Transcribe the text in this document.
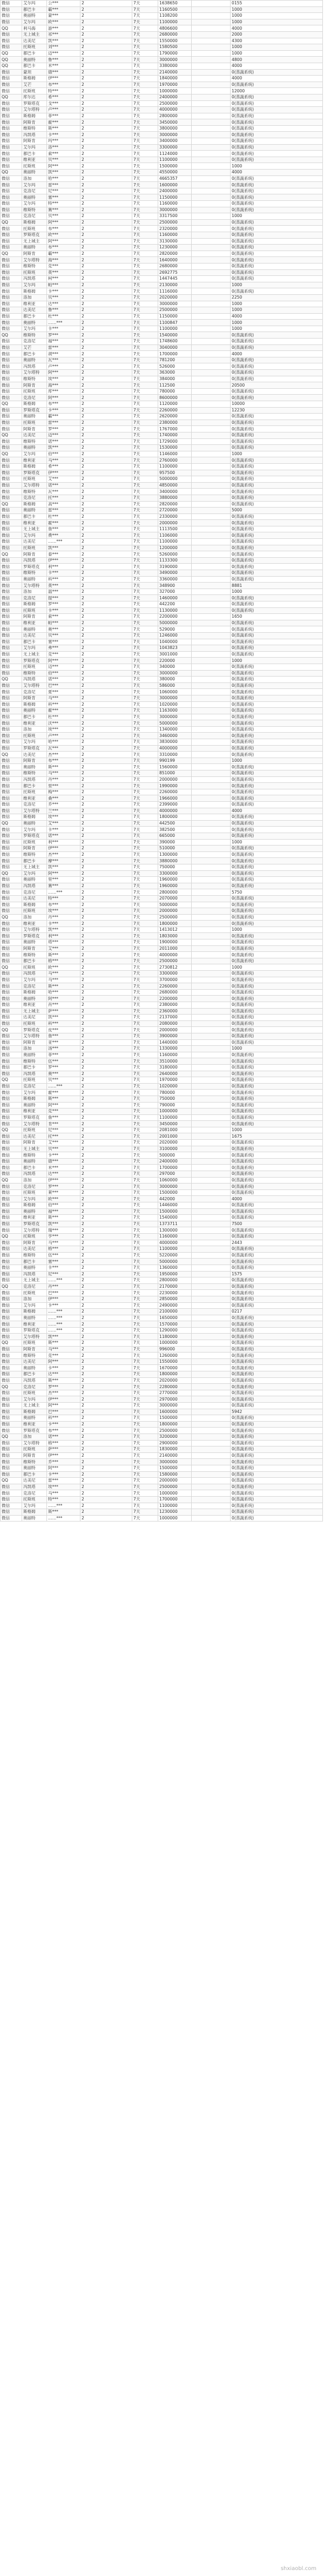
微信	艾尔玛	公***	2	7天	1638650		0155
微信	都巴卡	霸***	2	7天	1160500		1000
微信	奥丽特	蒙***	2	7天	1108200		1000
微信	艾尔玛	欧***	2	7天	1100000		1000
QQ	利马海	游***	2	7天	4806600		4000
微信	无上城主	祁***	2	7天	2680000		2000
微信	达美尼	凯***	2	7天	1550000		4300
微信	托斯班	刘***	2	7天	1580500		1000
QQ	都巴卡	迈***	2	7天	1790000		1000
QQ	奥丽特	鲁***	2	7天	3000000		4800
QQ	都巴卡	米***	2	7天	3380000		4000
微信	蒙坦	德***	2	7天	2140000		0(蒸蔬系统)
微信	斯格姆	伊***	2	7天	1840000		4000
微信	艾芒	布***	2	7天	1970000		0(蒸蔬系统)
微信	托斯班	特***	2	7天	1000000		12000
QQ	库尔达	希***	2	7天	2400000		0(蒸蔬系统)
微信	罗斯塔克	戈***	2	7天	2500000		0(蒸蔬系统)
微信	艾尔塔特	卢***	2	7天	4000000		0(蒸蔬系统)
微信	斯格姆	菲***	2	7天	2800000		0(蒸蔬系统)
微信	阿斯肯	霍***	2	7天	3450000		0(蒸蔬系统)
微信	维斯特	斯***	2	7天	3800000		0(蒸蔬系统)
微信	冯凯塔	卡***	2	7天	3000000		0(蒸蔬系统)
微信	阿斯肯	玛***	2	7天	3400000		0(蒸蔬系统)
微信	艾尔玛	洛***	2	7天	3300000		0(蒸蔬系统)
微信	都巴卡	索***	2	7天	1124000		0(蒸蔬系统)
微信	维利亚	贝***	2	7天	1100000		0(蒸蔬系统)
微信	托斯班	阿***	2	7天	1500000		1000
QQ	奥丽特	凯***	2	7天	4550000		4000
微信	洛加	哈***	2	7天	4665357		0(蒸蔬系统)
微信	艾尔玛	雷***	2	7天	1600000		0(蒸蔬系统)
微信	克洛尼	尼***	2	7天	2400000		0(蒸蔬系统)
微信	奥丽特	塞***	2	7天	1150000		0(蒸蔬系统)
微信	艾尔玛	特***	2	7天	1160000		0(蒸蔬系统)
微信	维斯特	赛***	2	7天	3000000		0(蒸蔬系统)
微信	克洛尼	贝***	2	7天	3317500		1000
QQ	斯格姆	阿***	2	7天	2500000		0(蒸蔬系统)
微信	托斯班	布***	2	7天	2320000		0(蒸蔬系统)
微信	罗斯塔克	欧***	2	7天	1160000		0(蒸蔬系统)
微信	无上城主	阿***	2	7天	3130000		0(蒸蔬系统)
微信	奥丽特	布***	2	7天	1230000		0(蒸蔬系统)
QQ	阿斯肯	霸***	2	7天	2820000		0(蒸蔬系统)
微信	艾尔塔特	海***	2	7天	1640000		0(蒸蔬系统)
微信	维斯特	克***	2	7天	2680000		0(蒸蔬系统)
微信	托斯班	莫***	2	7天	2692775		0(蒸蔬系统)
微信	冯凯塔	柯***	2	7天	1447445		0(蒸蔬系统)
微信	艾尔玛	帕***	2	7天	2130000		1000
微信	斯格姆	卡***	2	7天	1116000		0(蒸蔬系统)
微信	洛加	贝***	2	7天	2020000		2250
微信	维利亚	达***	2	7天	3000000		1000
微信	达美尼	鲁***	2	7天	2500000		1000
微信	都巴卡	杜***	2	7天	1150000		4000
微信	奥丽特	……***	2	7天	1100847		1000
微信	艾尔玛	卡***	2	7天	1100000		1000
QQ	维斯特	罗***	2	7天	1540000		0(蒸蔬系统)
微信	克洛尼	福***	2	7天	1748600		0(蒸蔬系统)
微信	艾芒	雷***	2	7天	3040000		0(蒸蔬系统)
微信	都巴卡	胡***	2	7天	1700000		4000
微信	奥丽特	瓦***	2	7天	781200		0(蒸蔬系统)
微信	冯凯塔	卢***	2	7天	526000		0(蒸蔬系统)
微信	艾尔塔特	阿***	2	7天	363000		0(蒸蔬系统)
微信	维斯特	埃***	2	7天	384000		0(蒸蔬系统)
微信	阿斯肯	海***	2	7天	112500		20500
微信	托斯班	库***	2	7天	780000		0(蒸蔬系统)
微信	克洛尼	阿***	2	7天	8600000		0(蒸蔬系统)
QQ	斯格姆	布***	2	7天	1120000		10000
微信	罗斯塔克	卡***	2	7天	2260000		12230
微信	奥丽特	霸***	2	7天	2620000		0(蒸蔬系统)
微信	托斯班	雷***	2	7天	2380000		0(蒸蔬系统)
微信	阿斯肯	罗***	2	7天	1767000		0(蒸蔬系统)
QQ	达美尼	迈***	2	7天	1740000		0(蒸蔬系统)
微信	维斯特	诺***	2	7天	1729000		0(蒸蔬系统)
微信	奥丽特	凯***	2	7天	1530000		0(蒸蔬系统)
QQ	艾尔玛	伯***	2	7天	1146000		1000
微信	维利亚	马***	2	7天	2760000		0(蒸蔬系统)
微信	斯格姆	希***	2	7天	1100000		0(蒸蔬系统)
微信	罗斯塔克	伊***	2	7天	957500		0(蒸蔬系统)
微信	托斯班	艾***	2	7天	5000000		0(蒸蔬系统)
微信	艾尔塔特	诺***	2	7天	4850000		0(蒸蔬系统)
微信	维斯特	瓦***	2	7天	3400000		0(蒸蔬系统)
微信	克洛尼	托***	2	7天	3880000		0(蒸蔬系统)
QQ	斯格姆	高***	2	7天	2820000		0(蒸蔬系统)
微信	奥丽特	雷***	2	7天	2720000		5000
微信	都巴卡	杜***	2	7天	2330000		0(蒸蔬系统)
微信	维利亚	霍***	2	7天	2000000		0(蒸蔬系统)
微信	无上城主	詹***	2	7天	1113500		0(蒸蔬系统)
微信	艾尔玛	费***	2	7天	1106000		0(蒸蔬系统)
微信	达美尼	……***	2	7天	1100000		0(蒸蔬系统)
微信	托斯班	凯***	2	7天	1200000		0(蒸蔬系统)
QQ	阿斯肯	泰***	2	7天	5260000		0(蒸蔬系统)
微信	冯凯塔	伊***	2	7天	1133300		0(蒸蔬系统)
微信	罗斯塔克	利***	2	7天	3190000		0(蒸蔬系统)
微信	维斯特	卡***	2	7天	3490000		0(蒸蔬系统)
微信	奥丽特	科***	2	7天	3360000		0(蒸蔬系统)
微信	艾尔塔特	莫***	2	7天	348900		8881
微信	洛加	温***	2	7天	327000		1000
微信	克洛尼	提***	2	7天	1460000		0(蒸蔬系统)
微信	斯格姆	罗***	2	7天	442200		0(蒸蔬系统)
微信	托斯班	卡***	2	7天	1130000		0(蒸蔬系统)
微信	阿斯肯	索***	2	7天	2200000		1650
微信	维利亚	帕***	2	7天	5000000		0(蒸蔬系统)
微信	奥丽特	奥***	2	7天	529000		0(蒸蔬系统)
微信	达美尼	贝***	2	7天	1246000		0(蒸蔬系统)
微信	都巴卡	塞***	2	7天	1040000		0(蒸蔬系统)
微信	艾尔玛	弗***	2	7天	1043823		0(蒸蔬系统)
微信	无上城主	克***	2	7天	3001000		0(蒸蔬系统)
微信	罗斯塔克	阿***	2	7天	220000		1000
微信	托斯班	迈***	2	7天	340000		0(蒸蔬系统)
微信	维斯特	伯***	2	7天	3000000		0(蒸蔬系统)
QQ	冯凯塔	诺***	2	7天	380000		0(蒸蔬系统)
微信	艾尔塔特	巴***	2	7天	586000		0(蒸蔬系统)
微信	克洛尼	夏***	2	7天	1060000		0(蒸蔬系统)
微信	阿斯肯	马***	2	7天	3000000		0(蒸蔬系统)
微信	斯格姆	科***	2	7天	1020000		0(蒸蔬系统)
微信	奥丽特	霍***	2	7天	1163000		0(蒸蔬系统)
微信	都巴卡	杜***	2	7天	3000000		0(蒸蔬系统)
微信	维利亚	沃***	2	7天	5000000		0(蒸蔬系统)
微信	洛加	埃***	2	7天	1340000		0(蒸蔬系统)
微信	托斯班	卢***	2	7天	3460000		0(蒸蔬系统)
微信	艾尔玛	哈***	2	7天	3830000		0(蒸蔬系统)
微信	罗斯塔克	瓦***	2	7天	4000000		0(蒸蔬系统)
QQ	达美尼	杰***	2	7天	3310000		0(蒸蔬系统)
微信	阿斯肯	布***	2	7天	990199		1000
微信	奥丽特	斯***	2	7天	1560000		0(蒸蔬系统)
微信	维斯特	马***	2	7天	851000		0(蒸蔬系统)
微信	冯凯塔	丹***	2	7天	2000000		0(蒸蔬系统)
微信	都巴卡	里***	2	7天	1990000		0(蒸蔬系统)
微信	托斯班	梅***	2	7天	2260000		0(蒸蔬系统)
微信	维利亚	桑***	2	7天	1966000		0(蒸蔬系统)
微信	克洛尼	乔***	2	7天	2399000		0(蒸蔬系统)
微信	艾尔塔特	兰***	2	7天	4000000		4000
微信	斯格姆	埃***	2	7天	1800000		0(蒸蔬系统)
QQ	奥丽特	艾***	2	7天	442500		0(蒸蔬系统)
微信	艾尔玛	卡***	2	7天	382500		0(蒸蔬系统)
微信	罗斯塔克	诺***	2	7天	665000		0(蒸蔬系统)
微信	托斯班	利***	2	7天	390000		1000
微信	阿斯肯	伊***	2	7天	510000		0(蒸蔬系统)
微信	维斯特	杰***	2	7天	1300000		0(蒸蔬系统)
微信	都巴卡	摩***	2	7天	3880000		0(蒸蔬系统)
微信	无上城主	凯***	2	7天	750000		0(蒸蔬系统)
QQ	艾尔玛	阿***	2	7天	3300000		0(蒸蔬系统)
微信	奥丽特	里***	2	7天	1960000		0(蒸蔬系统)
微信	冯凯塔	赛***	2	7天	1960000		0(蒸蔬系统)
微信	克洛尼	……***	2	7天	2800000		5750
微信	达美尼	特***	2	7天	2070000		0(蒸蔬系统)
微信	斯格姆	布***	2	7天	5000000		0(蒸蔬系统)
微信	托斯班	埃***	2	7天	2000000		0(蒸蔬系统)
QQ	洛加	丹***	2	7天	2500000		0(蒸蔬系统)
微信	维利亚	卡***	2	7天	1800000		0(蒸蔬系统)
微信	艾尔塔特	凯***	2	7天	1413012		1000
微信	罗斯塔克	利***	2	7天	1803000		0(蒸蔬系统)
微信	奥丽特	塔***	2	7天	1900000		0(蒸蔬系统)
微信	阿斯肯	艾***	2	7天	2011000		0(蒸蔬系统)
微信	维斯特	斯***	2	7天	4000000		0(蒸蔬系统)
微信	都巴卡	格***	2	7天	2500000		0(蒸蔬系统)
QQ	托斯班	欧***	2	7天	2730812		1000
微信	冯凯塔	马***	2	7天	3300000		0(蒸蔬系统)
微信	艾尔玛	马***	2	7天	3700000		0(蒸蔬系统)
微信	克洛尼	斯***	2	7天	2260000		0(蒸蔬系统)
微信	斯格姆	哈***	2	7天	2680000		0(蒸蔬系统)
微信	奥丽特	阿***	2	7天	2200000		0(蒸蔬系统)
微信	维利亚	肖***	2	7天	2380000		0(蒸蔬系统)
微信	无上城主	萨***	2	7天	2360000		0(蒸蔬系统)
微信	达美尼	凯***	2	7天	2137000		0(蒸蔬系统)
微信	托斯班	科***	2	7天	2080000		0(蒸蔬系统)
QQ	罗斯塔克	皮***	2	7天	2000000		0(蒸蔬系统)
微信	艾尔塔特	詹***	2	7天	3900000		0(蒸蔬系统)
微信	阿斯肯	亚***	2	7天	1440000		0(蒸蔬系统)
微信	洛加	汤***	2	7天	1330000		1000
微信	奥丽特	菲***	2	7天	1160000		0(蒸蔬系统)
微信	维斯特	伍***	2	7天	3510000		0(蒸蔬系统)
微信	都巴卡	罗***	2	7天	3180000		0(蒸蔬系统)
微信	冯凯塔	奥***	2	7天	2640000		0(蒸蔬系统)
QQ	托斯班	贝***	2	7天	1970000		0(蒸蔬系统)
微信	克洛尼	……***	2	7天	1020000		0(蒸蔬系统)
微信	艾尔玛	霍***	2	7天	780000		0(蒸蔬系统)
微信	斯格姆	斯***	2	7天	750000		0(蒸蔬系统)
微信	奥丽特	阿***	2	7天	790000		0(蒸蔬系统)
微信	维利亚	克***	2	7天	1000000		0(蒸蔬系统)
微信	罗斯塔克	詹***	2	7天	1100000		0(蒸蔬系统)
微信	艾尔塔特	肯***	2	7天	3450000		0(蒸蔬系统)
QQ	托斯班	尼***	2	7天	2081000		1000
微信	达美尼	托***	2	7天	2001000		1675
微信	阿斯肯	艾***	2	7天	2020000		0(蒸蔬系统)
微信	无上城主	贝***	2	7天	3100000		0(蒸蔬系统)
微信	维斯特	卡***	2	7天	500000		0(蒸蔬系统)
微信	奥丽特	德***	2	7天	2400000		0(蒸蔬系统)
微信	都巴卡	米***	2	7天	1700000		0(蒸蔬系统)
微信	冯凯塔	达***	2	7天	297000		0(蒸蔬系统)
QQ	洛加	伊***	2	7天	1060000		0(蒸蔬系统)
微信	克洛尼	罗***	2	7天	3000000		0(蒸蔬系统)
微信	托斯班	莱***	2	7天	1500000		0(蒸蔬系统)
微信	艾尔玛	欧***	2	7天	442000		4000
微信	斯格姆	伯***	2	7天	1446000		0(蒸蔬系统)
微信	奥丽特	福***	2	7天	1500000		0(蒸蔬系统)
微信	维利亚	斯***	2	7天	1540000		0(蒸蔬系统)
微信	罗斯塔克	凯***	2	7天	1373711		7500
微信	艾尔塔特	瑞***	2	7天	1300000		0(蒸蔬系统)
QQ	托斯班	亨***	2	7天	1160000		0(蒸蔬系统)
微信	阿斯肯	马***	2	7天	4000000		2443
微信	达美尼	格***	2	7天	1100000		0(蒸蔬系统)
微信	维斯特	伍***	2	7天	5220000		0(蒸蔬系统)
微信	都巴卡	塞***	2	7天	5000000		0(蒸蔬系统)
微信	奥丽特	卡***	2	7天	1360000		0(蒸蔬系统)
微信	冯凯塔	尼***	2	7天	1950000		1575
微信	无上城主	……***	2	7天	2800000		0(蒸蔬系统)
QQ	克洛尼	丹***	2	7天	2170000		0(蒸蔬系统)
微信	托斯班	巴***	2	7天	2230000		0(蒸蔬系统)
微信	洛加	伊***	2	7天	2850000		0(蒸蔬系统)
微信	艾尔玛	卡***	2	7天	2490000		0(蒸蔬系统)
微信	斯格姆	……***	2	7天	2100000		0217
微信	奥丽特	……***	2	7天	1650000		0(蒸蔬系统)
微信	维利亚	……***	2	7天	1570000		0(蒸蔬系统)
微信	罗斯塔克	……***	2	7天	1290000		0(蒸蔬系统)
微信	艾尔塔特	凯***	2	7天	1180000		0(蒸蔬系统)
QQ	托斯班	斯***	2	7天	1000000		0(蒸蔬系统)
微信	阿斯肯	马***	2	7天	996000		0(蒸蔬系统)
微信	维斯特	克***	2	7天	1260000		0(蒸蔬系统)
微信	达美尼	阿***	2	7天	1550000		0(蒸蔬系统)
微信	奥丽特	卡***	2	7天	1670000		0(蒸蔬系统)
微信	都巴卡	达***	2	7天	1800000		0(蒸蔬系统)
微信	冯凯塔	斯***	2	7天	2020000		0(蒸蔬系统)
QQ	克洛尼	罗***	2	7天	2280000		0(蒸蔬系统)
微信	托斯班	杰***	2	7天	2770000		0(蒸蔬系统)
微信	艾尔玛	伊***	2	7天	2970000		0(蒸蔬系统)
微信	无上城主	阿***	2	7天	3000000		0(蒸蔬系统)
微信	斯格姆	巴***	2	7天	1600000		5942
微信	奥丽特	科***	2	7天	1500000		0(蒸蔬系统)
微信	维利亚	卡***	2	7天	1800000		0(蒸蔬系统)
微信	罗斯塔克	布***	2	7天	2500000		0(蒸蔬系统)
QQ	洛加	诺***	2	7天	3200000		0(蒸蔬系统)
微信	艾尔塔特	格***	2	7天	2900000		0(蒸蔬系统)
微信	托斯班	萨***	2	7天	1830000		0(蒸蔬系统)
微信	阿斯肯	伊***	2	7天	2140000		0(蒸蔬系统)
微信	维斯特	乔***	2	7天	3000000		0(蒸蔬系统)
微信	奥丽特	阿***	2	7天	1500000		0(蒸蔬系统)
微信	都巴卡	卡***	2	7天	1580000		0(蒸蔬系统)
QQ	达美尼	雷***	2	7天	2000000		0(蒸蔬系统)
微信	冯凯塔	埃***	2	7天	2500000		0(蒸蔬系统)
微信	克洛尼	马***	2	7天	1000000		0(蒸蔬系统)
微信	托斯班	特***	2	7天	1700000		0(蒸蔬系统)
微信	艾尔玛	……***	2	7天	1100000		0(蒸蔬系统)
微信	斯格姆	斯***	2	7天	1230000		0(蒸蔬系统)
微信	奥丽特	……***	2	7天	1000000		0(蒸蔬系统)
shxiaobl.com
